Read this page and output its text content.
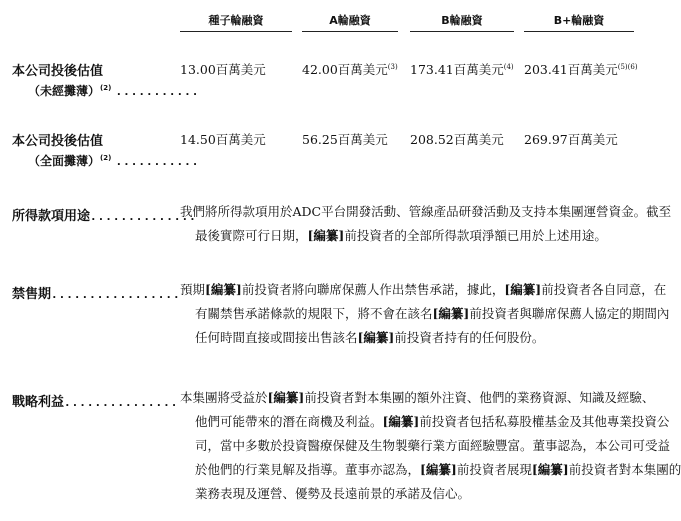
種子輪融資	A輪融資	B輪融資	B+輪融資
本公司投後估值
（未經攤薄）$^{(2)}$ ...........
13.00百萬美元	42.00百萬美元$^{(3)}$ 173.41百萬美元$^{(4)}$ 203.41百萬美元$^{(5)(6)}$
本公司投後估值
（全面攤薄）$^{(2)}$ ...........
14.50百萬美元	56.25百萬美元 208.52百萬美元 269.97百萬美元
所得款項用途..............
我們將所得款項用於ADC平台開發活動、管線產品研發活動及支持本集團運營資金。截至
最後實際可行日期，[編纂]前投資者的全部所得款項淨額已用於上述用途。
禁售期................. 預期[編纂]前投資者將向聯席保薦人作出禁售承諾，據此，[編纂]前投資者各自同意，在
有關禁售承諾條款的規限下，將不會在該名[編纂]前投資者與聯席保薦人協定的期間內
任何時間直接或間接出售該名[編纂]前投資者持有的任何股份。
戰略利益............... 本集團將受益於[編纂]前投資者對本集團的額外注資、他們的業務資源、知識及經驗、
他們可能帶來的潛在商機及利益。[編纂]前投資者包括私募股權基金及其他專業投資公
司，當中多數於投資醫療保健及生物製藥行業方面經驗豐富。董事認為，本公司可受益
於他們的行業見解及指導。董事亦認為，[編纂]前投資者展現[編纂]前投資者對本集團的
業務表現及運營、優勢及長遠前景的承諾及信心。
